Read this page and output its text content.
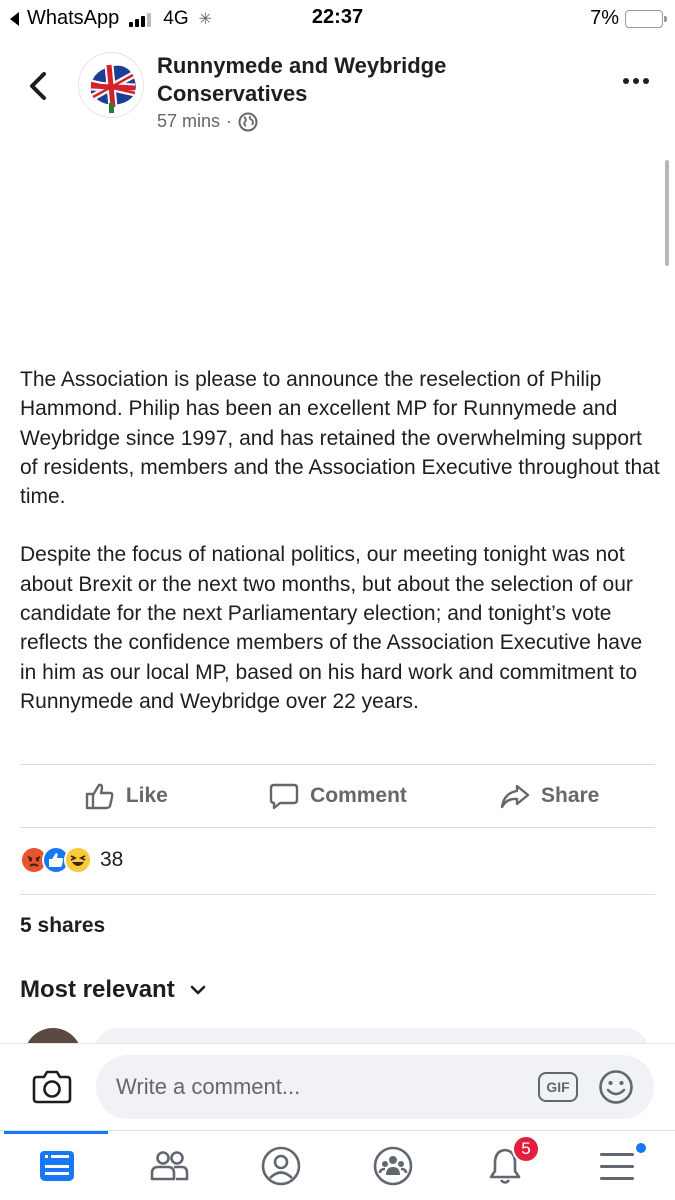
WhatsApp 4G ✳	22:37	7%
Runnymede and Weybridge Conservatives
57 mins ·

The Association is please to announce the reselection of Philip Hammond. Philip has been an excellent MP for Runnymede and Weybridge since 1997, and has retained the overwhelming support of residents, members and the Association Executive throughout that time.

Despite the focus of national politics, our meeting tonight was not about Brexit or the next two months, but about the selection of our candidate for the next Parliamentary election; and tonight’s vote reflects the confidence members of the Association Executive have in him as our local MP, based on his hard work and commitment to Runnymede and Weybridge over 22 years.

Like	Comment	Share
38
5 shares
Most relevant
Write a comment...
GIF
5
